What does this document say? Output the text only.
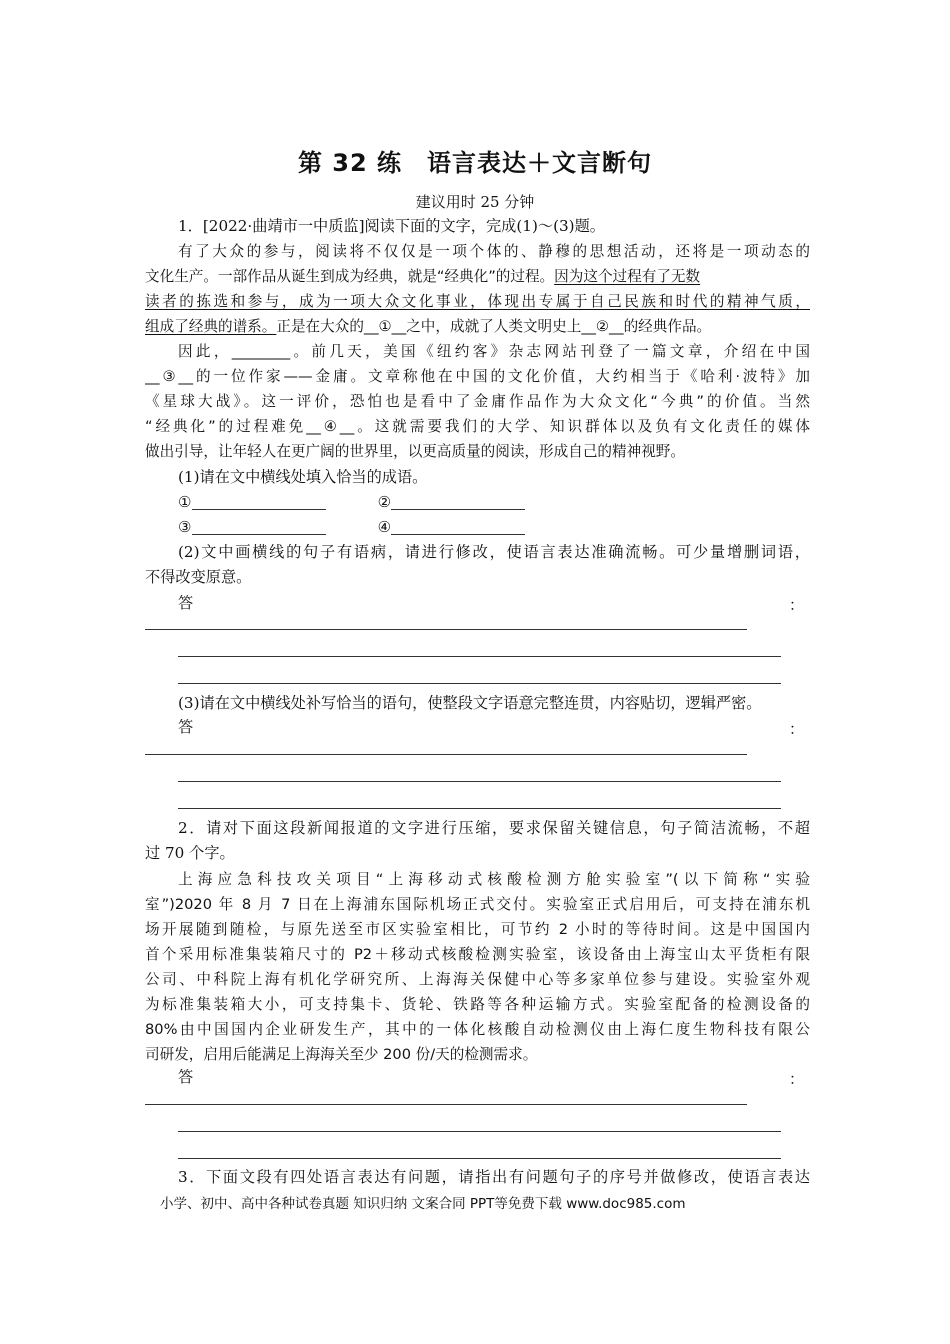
第 32 练　语言表达＋文言断句
建议用时 25 分钟
1．[2022·曲靖市一中质监]阅读下面的文字，完成(1)～(3)题。
有了大众的参与，阅读将不仅仅是一项个体的、静穆的思想活动，还将是一项动态的
文化生产。一部作品从诞生到成为经典，就是“经典化”的过程。因为这个过程有了无数
读者的拣选和参与，成为一项大众文化事业，体现出专属于自己民族和时代的精神气质，
组成了经典的谱系。正是在大众的__①__之中，成就了人类文明史上__②__的经典作品。
因此，________。前几天，美国《纽约客》杂志网站刊登了一篇文章，介绍在中国
__③__的一位作家——金庸。文章称他在中国的文化价值，大约相当于《哈利·波特》加
《星球大战》。这一评价，恐怕也是看中了金庸作品作为大众文化“今典”的价值。当然
“经典化”的过程难免__④__。这就需要我们的大学、知识群体以及负有文化责任的媒体
做出引导，让年轻人在更广阔的世界里，以更高质量的阅读，形成自己的精神视野。
(1)请在文中横线处填入恰当的成语。
①	②
③	④
(2)文中画横线的句子有语病，请进行修改，使语言表达准确流畅。可少量增删词语，
不得改变原意。
答	：
(3)请在文中横线处补写恰当的语句，使整段文字语意完整连贯，内容贴切，逻辑严密。
答	：
2．请对下面这段新闻报道的文字进行压缩，要求保留关键信息，句子简洁流畅，不超
过 70 个字。
上海应急科技攻关项目“上海移动式核酸检测方舱实验室”(以下简称“实验
室”)2020 年 8 月 7 日在上海浦东国际机场正式交付。实验室正式启用后，可支持在浦东机
场开展随到随检，与原先送至市区实验室相比，可节约 2 小时的等待时间。这是中国国内
首个采用标准集装箱尺寸的 P2＋移动式核酸检测实验室，该设备由上海宝山太平货柜有限
公司、中科院上海有机化学研究所、上海海关保健中心等多家单位参与建设。实验室外观
为标准集装箱大小，可支持集卡、货轮、铁路等各种运输方式。实验室配备的检测设备的
80%由中国国内企业研发生产，其中的一体化核酸自动检测仪由上海仁度生物科技有限公
司研发，启用后能满足上海海关至少 200 份/天的检测需求。
答	：
3．下面文段有四处语言表达有问题，请指出有问题句子的序号并做修改，使语言表达
小学、初中、高中各种试卷真题 知识归纳 文案合同 PPT等免费下载 www.doc985.com
